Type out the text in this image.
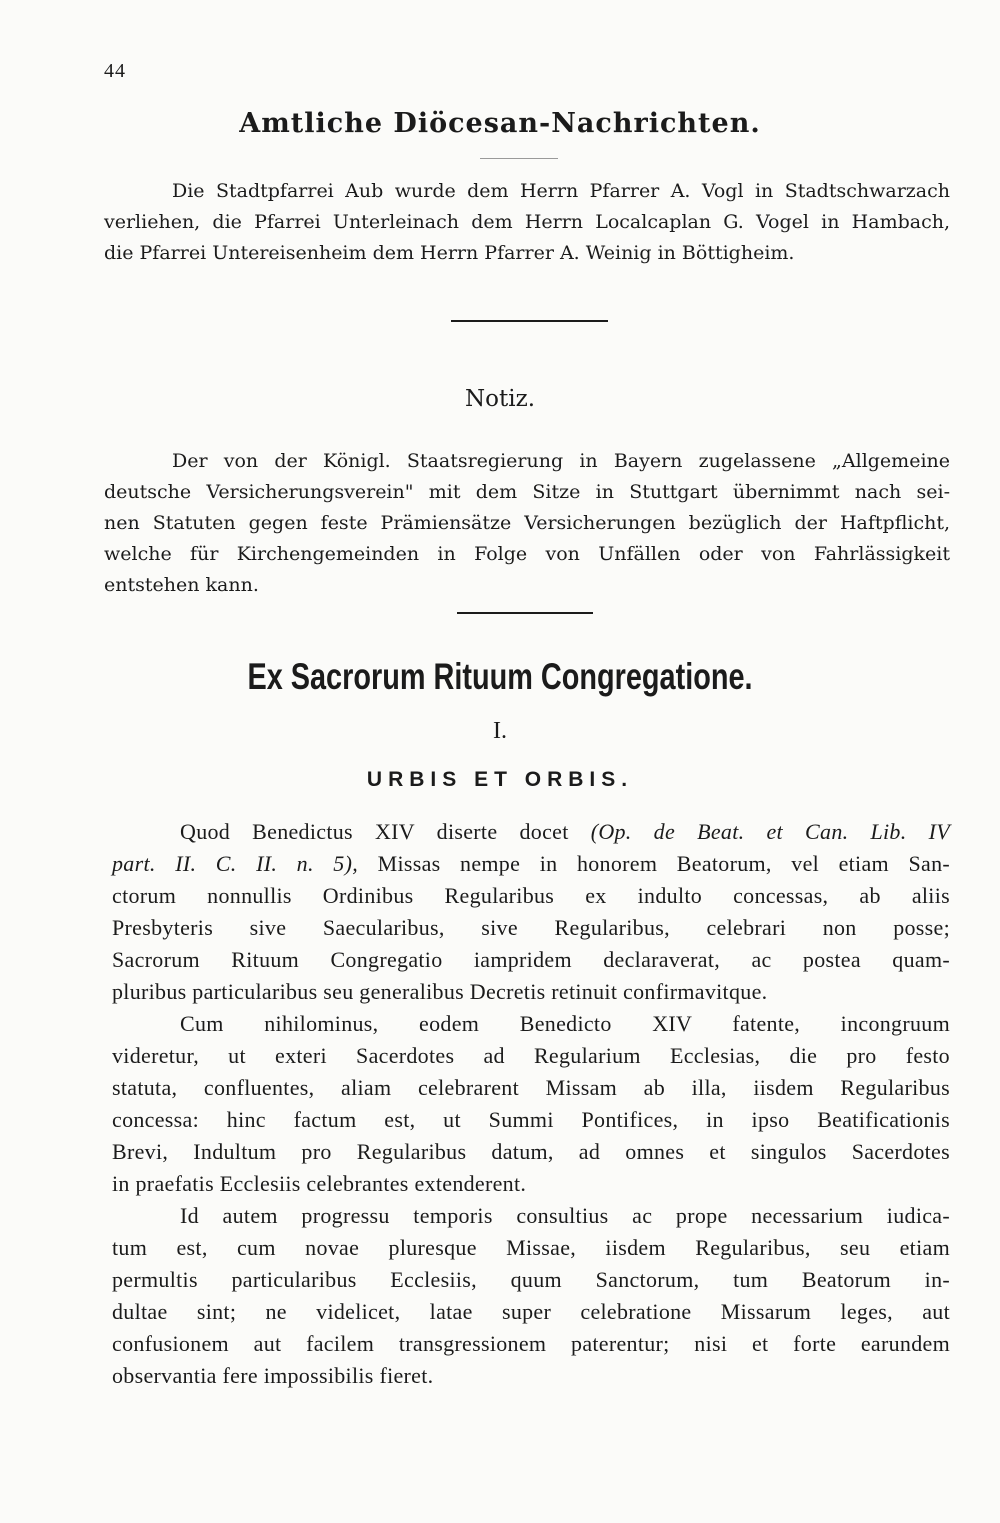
44
Amtliche Diöcesan-Nachrichten.
Die Stadtpfarrei Aub wurde dem Herrn Pfarrer A. Vogl in Stadtschwarzach
verliehen, die Pfarrei Unterleinach dem Herrn Localcaplan G. Vogel in Hambach,
die Pfarrei Untereisenheim dem Herrn Pfarrer A. Weinig in Böttigheim.
Notiz.
Der von der Königl. Staatsregierung in Bayern zugelassene „Allgemeine
deutsche Versicherungsverein" mit dem Sitze in Stuttgart übernimmt nach sei-
nen Statuten gegen feste Prämiensätze Versicherungen bezüglich der Haftpflicht,
welche für Kirchengemeinden in Folge von Unfällen oder von Fahrlässigkeit
entstehen kann.
Ex Sacrorum Rituum Congregatione.
I.
URBIS ET ORBIS.
Quod Benedictus XIV diserte docet (Op. de Beat. et Can. Lib. IV
part. II. C. II. n. 5), Missas nempe in honorem Beatorum, vel etiam San-
ctorum nonnullis Ordinibus Regularibus ex indulto concessas, ab aliis
Presbyteris sive Saecularibus, sive Regularibus, celebrari non posse;
Sacrorum Rituum Congregatio iampridem declaraverat, ac postea quam-
pluribus particularibus seu generalibus Decretis retinuit confirmavitque.
Cum nihilominus, eodem Benedicto XIV fatente, incongruum
videretur, ut exteri Sacerdotes ad Regularium Ecclesias, die pro festo
statuta, confluentes, aliam celebrarent Missam ab illa, iisdem Regularibus
concessa: hinc factum est, ut Summi Pontifices, in ipso Beatificationis
Brevi, Indultum pro Regularibus datum, ad omnes et singulos Sacerdotes
in praefatis Ecclesiis celebrantes extenderent.
Id autem progressu temporis consultius ac prope necessarium iudica-
tum est, cum novae pluresque Missae, iisdem Regularibus, seu etiam
permultis particularibus Ecclesiis, quum Sanctorum, tum Beatorum in-
dultae sint; ne videlicet, latae super celebratione Missarum leges, aut
confusionem aut facilem transgressionem paterentur; nisi et forte earundem
observantia fere impossibilis fieret.
